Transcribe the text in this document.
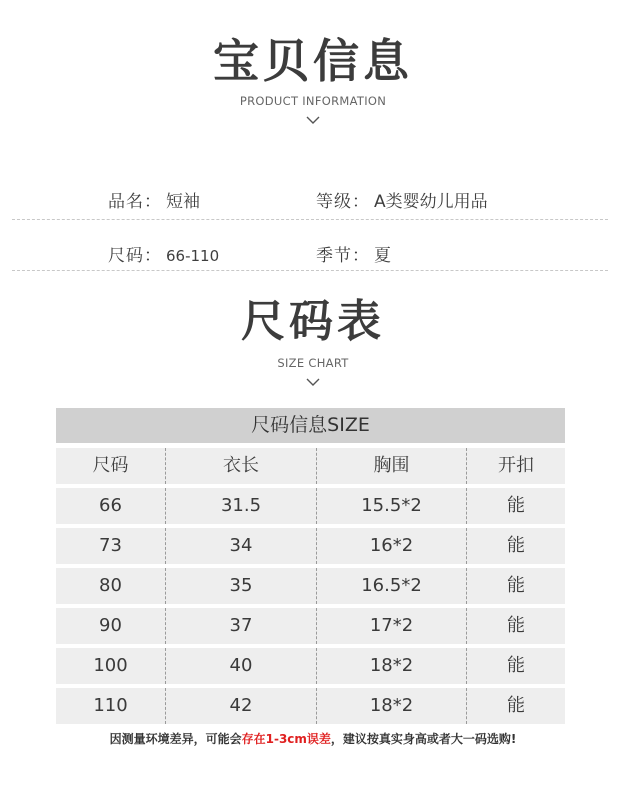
宝贝信息
PRODUCT INFORMATION
品名： 短袖	等级： A类婴幼儿用品
尺码： 66-110	季节： 夏
尺码表
SIZE CHART
尺码信息SIZE
尺码	衣长	胸围	开扣
66	31.5	15.5*2	能
73	34	16*2	能
80	35	16.5*2	能
90	37	17*2	能
100	40	18*2	能
110	42	18*2	能
因测量环境差异，可能会存在1-3cm误差，建议按真实身高或者大一码选购!
